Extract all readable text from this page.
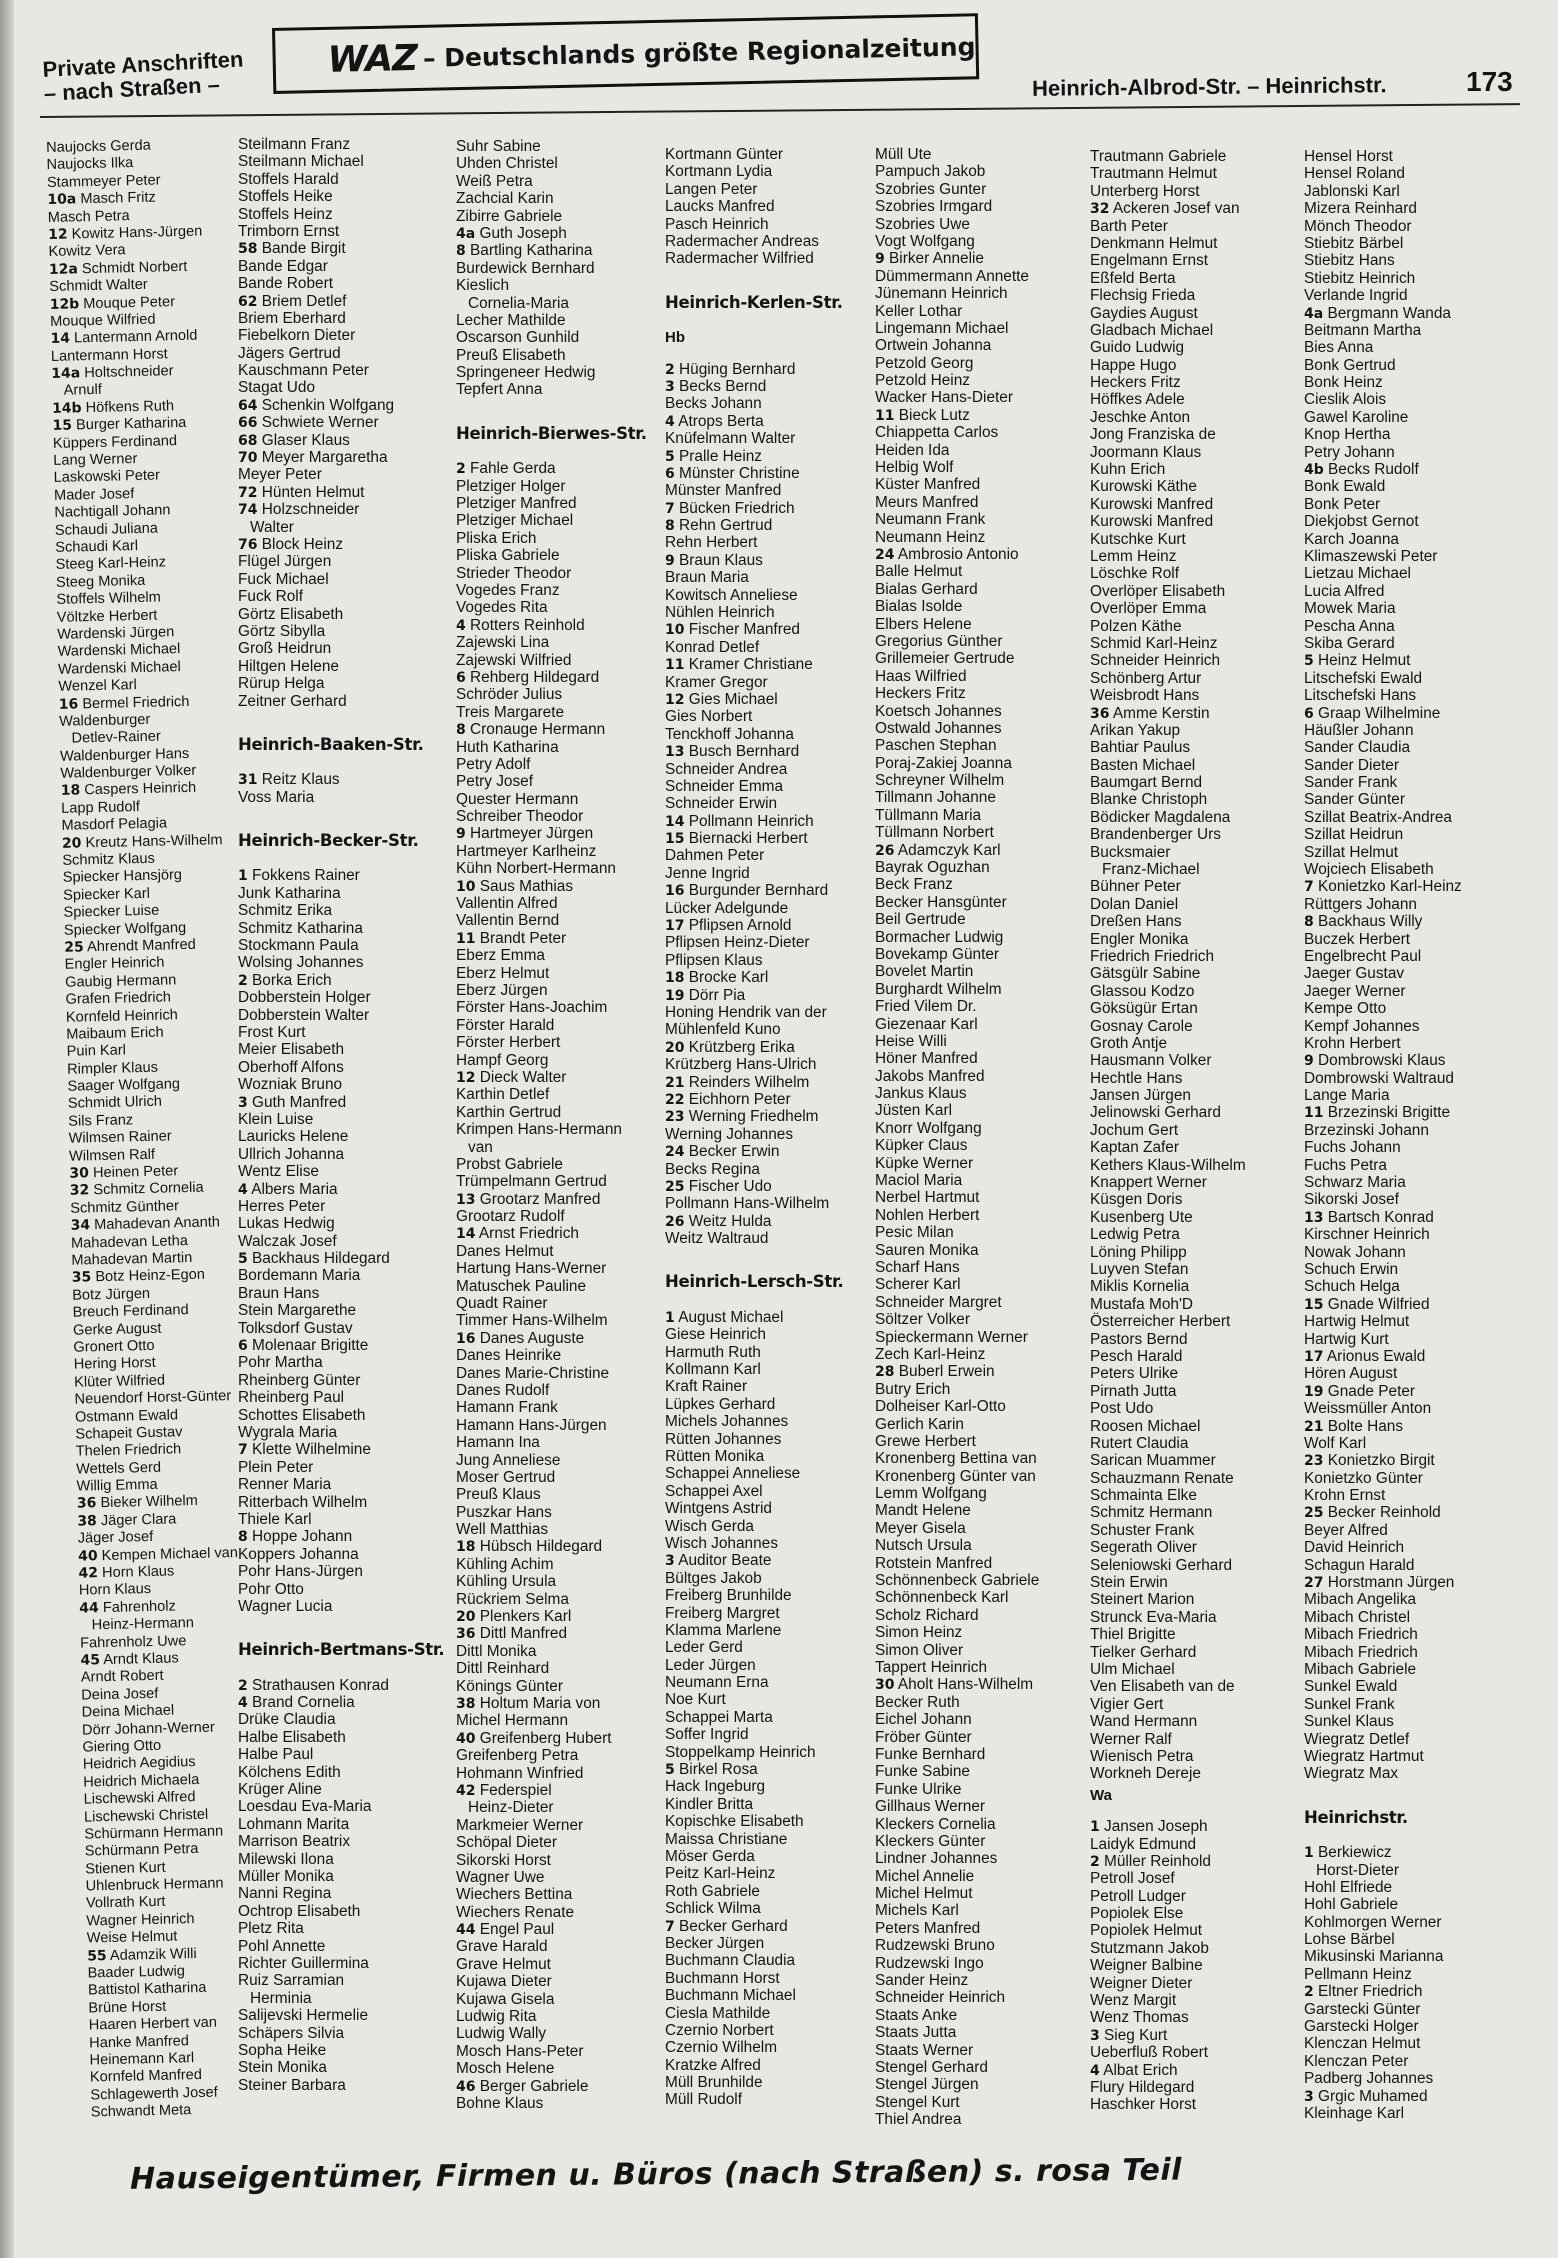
Private Anschriften
– nach Straßen –
WAZ – Deutschlands größte Regionalzeitung
Heinrich-Albrod-Str. – Heinrichstr.	173
Naujocks Gerda
Naujocks Ilka
Stammeyer Peter
10a Masch Fritz
Masch Petra
12 Kowitz Hans-Jürgen
Kowitz Vera
12a Schmidt Norbert
Schmidt Walter
12b Mouque Peter
Mouque Wilfried
14 Lantermann Arnold
Lantermann Horst
14a Holtschneider
Arnulf
14b Höfkens Ruth
15 Burger Katharina
Küppers Ferdinand
Lang Werner
Laskowski Peter
Mader Josef
Nachtigall Johann
Schaudi Juliana
Schaudi Karl
Steeg Karl-Heinz
Steeg Monika
Stoffels Wilhelm
Völtzke Herbert
Wardenski Jürgen
Wardenski Michael
Wardenski Michael
Wenzel Karl
16 Bermel Friedrich
Waldenburger
Detlev-Rainer
Waldenburger Hans
Waldenburger Volker
18 Caspers Heinrich
Lapp Rudolf
Masdorf Pelagia
20 Kreutz Hans-Wilhelm
Schmitz Klaus
Spiecker Hansjörg
Spiecker Karl
Spiecker Luise
Spiecker Wolfgang
25 Ahrendt Manfred
Engler Heinrich
Gaubig Hermann
Grafen Friedrich
Kornfeld Heinrich
Maibaum Erich
Puin Karl
Rimpler Klaus
Saager Wolfgang
Schmidt Ulrich
Sils Franz
Wilmsen Rainer
Wilmsen Ralf
30 Heinen Peter
32 Schmitz Cornelia
Schmitz Günther
34 Mahadevan Ananth
Mahadevan Letha
Mahadevan Martin
35 Botz Heinz-Egon
Botz Jürgen
Breuch Ferdinand
Gerke August
Gronert Otto
Hering Horst
Klüter Wilfried
Neuendorf Horst-Günter
Ostmann Ewald
Schapeit Gustav
Thelen Friedrich
Wettels Gerd
Willig Emma
36 Bieker Wilhelm
38 Jäger Clara
Jäger Josef
40 Kempen Michael van
42 Horn Klaus
Horn Klaus
44 Fahrenholz
Heinz-Hermann
Fahrenholz Uwe
45 Arndt Klaus
Arndt Robert
Deina Josef
Deina Michael
Dörr Johann-Werner
Giering Otto
Heidrich Aegidius
Heidrich Michaela
Lischewski Alfred
Lischewski Christel
Schürmann Hermann
Schürmann Petra
Stienen Kurt
Uhlenbruck Hermann
Vollrath Kurt
Wagner Heinrich
Weise Helmut
55 Adamzik Willi
Baader Ludwig
Battistol Katharina
Brüne Horst
Haaren Herbert van
Hanke Manfred
Heinemann Karl
Kornfeld Manfred
Schlagewerth Josef
Schwandt Meta
Steilmann Franz
Steilmann Michael
Stoffels Harald
Stoffels Heike
Stoffels Heinz
Trimborn Ernst
58 Bande Birgit
Bande Edgar
Bande Robert
62 Briem Detlef
Briem Eberhard
Fiebelkorn Dieter
Jägers Gertrud
Kauschmann Peter
Stagat Udo
64 Schenkin Wolfgang
66 Schwiete Werner
68 Glaser Klaus
70 Meyer Margaretha
Meyer Peter
72 Hünten Helmut
74 Holzschneider
Walter
76 Block Heinz
Flügel Jürgen
Fuck Michael
Fuck Rolf
Görtz Elisabeth
Görtz Sibylla
Groß Heidrun
Hiltgen Helene
Rürup Helga
Zeitner Gerhard
Heinrich-Baaken-Str.
31 Reitz Klaus
Voss Maria
Heinrich-Becker-Str.
1 Fokkens Rainer
Junk Katharina
Schmitz Erika
Schmitz Katharina
Stockmann Paula
Wolsing Johannes
2 Borka Erich
Dobberstein Holger
Dobberstein Walter
Frost Kurt
Meier Elisabeth
Oberhoff Alfons
Wozniak Bruno
3 Guth Manfred
Klein Luise
Lauricks Helene
Ullrich Johanna
Wentz Elise
4 Albers Maria
Herres Peter
Lukas Hedwig
Walczak Josef
5 Backhaus Hildegard
Bordemann Maria
Braun Hans
Stein Margarethe
Tolksdorf Gustav
6 Molenaar Brigitte
Pohr Martha
Rheinberg Günter
Rheinberg Paul
Schottes Elisabeth
Wygrala Maria
7 Klette Wilhelmine
Plein Peter
Renner Maria
Ritterbach Wilhelm
Thiele Karl
8 Hoppe Johann
Koppers Johanna
Pohr Hans-Jürgen
Pohr Otto
Wagner Lucia
Heinrich-Bertmans-Str.
2 Strathausen Konrad
4 Brand Cornelia
Drüke Claudia
Halbe Elisabeth
Halbe Paul
Kölchens Edith
Krüger Aline
Loesdau Eva-Maria
Lohmann Marita
Marrison Beatrix
Milewski Ilona
Müller Monika
Nanni Regina
Ochtrop Elisabeth
Pletz Rita
Pohl Annette
Richter Guillermina
Ruiz Sarramian
Herminia
Salijevski Hermelie
Schäpers Silvia
Sopha Heike
Stein Monika
Steiner Barbara
Suhr Sabine
Uhden Christel
Weiß Petra
Zachcial Karin
Zibirre Gabriele
4a Guth Joseph
8 Bartling Katharina
Burdewick Bernhard
Kieslich
Cornelia-Maria
Lecher Mathilde
Oscarson Gunhild
Preuß Elisabeth
Springeneer Hedwig
Tepfert Anna
Heinrich-Bierwes-Str.
2 Fahle Gerda
Pletziger Holger
Pletziger Manfred
Pletziger Michael
Pliska Erich
Pliska Gabriele
Strieder Theodor
Vogedes Franz
Vogedes Rita
4 Rotters Reinhold
Zajewski Lina
Zajewski Wilfried
6 Rehberg Hildegard
Schröder Julius
Treis Margarete
8 Cronauge Hermann
Huth Katharina
Petry Adolf
Petry Josef
Quester Hermann
Schreiber Theodor
9 Hartmeyer Jürgen
Hartmeyer Karlheinz
Kühn Norbert-Hermann
10 Saus Mathias
Vallentin Alfred
Vallentin Bernd
11 Brandt Peter
Eberz Emma
Eberz Helmut
Eberz Jürgen
Förster Hans-Joachim
Förster Harald
Förster Herbert
Hampf Georg
12 Dieck Walter
Karthin Detlef
Karthin Gertrud
Krimpen Hans-Hermann
van
Probst Gabriele
Trümpelmann Gertrud
13 Grootarz Manfred
Grootarz Rudolf
14 Arnst Friedrich
Danes Helmut
Hartung Hans-Werner
Matuschek Pauline
Quadt Rainer
Timmer Hans-Wilhelm
16 Danes Auguste
Danes Heinrike
Danes Marie-Christine
Danes Rudolf
Hamann Frank
Hamann Hans-Jürgen
Hamann Ina
Jung Anneliese
Moser Gertrud
Preuß Klaus
Puszkar Hans
Well Matthias
18 Hübsch Hildegard
Kühling Achim
Kühling Ursula
Rückriem Selma
20 Plenkers Karl
36 Dittl Manfred
Dittl Monika
Dittl Reinhard
Könings Günter
38 Holtum Maria von
Michel Hermann
40 Greifenberg Hubert
Greifenberg Petra
Hohmann Winfried
42 Federspiel
Heinz-Dieter
Markmeier Werner
Schöpal Dieter
Sikorski Horst
Wagner Uwe
Wiechers Bettina
Wiechers Renate
44 Engel Paul
Grave Harald
Grave Helmut
Kujawa Dieter
Kujawa Gisela
Ludwig Rita
Ludwig Wally
Mosch Hans-Peter
Mosch Helene
46 Berger Gabriele
Bohne Klaus
Kortmann Günter
Kortmann Lydia
Langen Peter
Laucks Manfred
Pasch Heinrich
Radermacher Andreas
Radermacher Wilfried
Heinrich-Kerlen-Str.
Hb
2 Hüging Bernhard
3 Becks Bernd
Becks Johann
4 Atrops Berta
Knüfelmann Walter
5 Pralle Heinz
6 Münster Christine
Münster Manfred
7 Bücken Friedrich
8 Rehn Gertrud
Rehn Herbert
9 Braun Klaus
Braun Maria
Kowitsch Anneliese
Nühlen Heinrich
10 Fischer Manfred
Konrad Detlef
11 Kramer Christiane
Kramer Gregor
12 Gies Michael
Gies Norbert
Tenckhoff Johanna
13 Busch Bernhard
Schneider Andrea
Schneider Emma
Schneider Erwin
14 Pollmann Heinrich
15 Biernacki Herbert
Dahmen Peter
Jenne Ingrid
16 Burgunder Bernhard
Lücker Adelgunde
17 Pflipsen Arnold
Pflipsen Heinz-Dieter
Pflipsen Klaus
18 Brocke Karl
19 Dörr Pia
Honing Hendrik van der
Mühlenfeld Kuno
20 Krützberg Erika
Krützberg Hans-Ulrich
21 Reinders Wilhelm
22 Eichhorn Peter
23 Werning Friedhelm
Werning Johannes
24 Becker Erwin
Becks Regina
25 Fischer Udo
Pollmann Hans-Wilhelm
26 Weitz Hulda
Weitz Waltraud
Heinrich-Lersch-Str.
1 August Michael
Giese Heinrich
Harmuth Ruth
Kollmann Karl
Kraft Rainer
Lüpkes Gerhard
Michels Johannes
Rütten Johannes
Rütten Monika
Schappei Anneliese
Schappei Axel
Wintgens Astrid
Wisch Gerda
Wisch Johannes
3 Auditor Beate
Bültges Jakob
Freiberg Brunhilde
Freiberg Margret
Klamma Marlene
Leder Gerd
Leder Jürgen
Neumann Erna
Noe Kurt
Schappei Marta
Soffer Ingrid
Stoppelkamp Heinrich
5 Birkel Rosa
Hack Ingeburg
Kindler Britta
Kopischke Elisabeth
Maissa Christiane
Möser Gerda
Peitz Karl-Heinz
Roth Gabriele
Schlick Wilma
7 Becker Gerhard
Becker Jürgen
Buchmann Claudia
Buchmann Horst
Buchmann Michael
Ciesla Mathilde
Czernio Norbert
Czernio Wilhelm
Kratzke Alfred
Müll Brunhilde
Müll Rudolf
Müll Ute
Pampuch Jakob
Szobries Gunter
Szobries Irmgard
Szobries Uwe
Vogt Wolfgang
9 Birker Annelie
Dümmermann Annette
Jünemann Heinrich
Keller Lothar
Lingemann Michael
Ortwein Johanna
Petzold Georg
Petzold Heinz
Wacker Hans-Dieter
11 Bieck Lutz
Chiappetta Carlos
Heiden Ida
Helbig Wolf
Küster Manfred
Meurs Manfred
Neumann Frank
Neumann Heinz
24 Ambrosio Antonio
Balle Helmut
Bialas Gerhard
Bialas Isolde
Elbers Helene
Gregorius Günther
Grillemeier Gertrude
Haas Wilfried
Heckers Fritz
Koetsch Johannes
Ostwald Johannes
Paschen Stephan
Poraj-Zakiej Joanna
Schreyner Wilhelm
Tillmann Johanne
Tüllmann Maria
Tüllmann Norbert
26 Adamczyk Karl
Bayrak Oguzhan
Beck Franz
Becker Hansgünter
Beil Gertrude
Bormacher Ludwig
Bovekamp Günter
Bovelet Martin
Burghardt Wilhelm
Fried Vilem Dr.
Giezenaar Karl
Heise Willi
Höner Manfred
Jakobs Manfred
Jankus Klaus
Jüsten Karl
Knorr Wolfgang
Küpker Claus
Küpke Werner
Maciol Maria
Nerbel Hartmut
Nohlen Herbert
Pesic Milan
Sauren Monika
Scharf Hans
Scherer Karl
Schneider Margret
Söltzer Volker
Spieckermann Werner
Zech Karl-Heinz
28 Buberl Erwein
Butry Erich
Dolheiser Karl-Otto
Gerlich Karin
Grewe Herbert
Kronenberg Bettina van
Kronenberg Günter van
Lemm Wolfgang
Mandt Helene
Meyer Gisela
Nutsch Ursula
Rotstein Manfred
Schönnenbeck Gabriele
Schönnenbeck Karl
Scholz Richard
Simon Heinz
Simon Oliver
Tappert Heinrich
30 Aholt Hans-Wilhelm
Becker Ruth
Eichel Johann
Fröber Günter
Funke Bernhard
Funke Sabine
Funke Ulrike
Gillhaus Werner
Kleckers Cornelia
Kleckers Günter
Lindner Johannes
Michel Annelie
Michel Helmut
Michels Karl
Peters Manfred
Rudzewski Bruno
Rudzewski Ingo
Sander Heinz
Schneider Heinrich
Staats Anke
Staats Jutta
Staats Werner
Stengel Gerhard
Stengel Jürgen
Stengel Kurt
Thiel Andrea
Trautmann Gabriele
Trautmann Helmut
Unterberg Horst
32 Ackeren Josef van
Barth Peter
Denkmann Helmut
Engelmann Ernst
Eßfeld Berta
Flechsig Frieda
Gaydies August
Gladbach Michael
Guido Ludwig
Happe Hugo
Heckers Fritz
Höffkes Adele
Jeschke Anton
Jong Franziska de
Joormann Klaus
Kuhn Erich
Kurowski Käthe
Kurowski Manfred
Kurowski Manfred
Kutschke Kurt
Lemm Heinz
Löschke Rolf
Overlöper Elisabeth
Overlöper Emma
Polzen Käthe
Schmid Karl-Heinz
Schneider Heinrich
Schönberg Artur
Weisbrodt Hans
36 Amme Kerstin
Arikan Yakup
Bahtiar Paulus
Basten Michael
Baumgart Bernd
Blanke Christoph
Bödicker Magdalena
Brandenberger Urs
Bucksmaier
Franz-Michael
Bühner Peter
Dolan Daniel
Dreßen Hans
Engler Monika
Friedrich Friedrich
Gätsgülr Sabine
Glassou Kodzo
Göksügür Ertan
Gosnay Carole
Groth Antje
Hausmann Volker
Hechtle Hans
Jansen Jürgen
Jelinowski Gerhard
Jochum Gert
Kaptan Zafer
Kethers Klaus-Wilhelm
Knappert Werner
Küsgen Doris
Kusenberg Ute
Ledwig Petra
Löning Philipp
Luyven Stefan
Miklis Kornelia
Mustafa Moh'D
Österreicher Herbert
Pastors Bernd
Pesch Harald
Peters Ulrike
Pirnath Jutta
Post Udo
Roosen Michael
Rutert Claudia
Sarican Muammer
Schauzmann Renate
Schmainta Elke
Schmitz Hermann
Schuster Frank
Segerath Oliver
Seleniowski Gerhard
Stein Erwin
Steinert Marion
Strunck Eva-Maria
Thiel Brigitte
Tielker Gerhard
Ulm Michael
Ven Elisabeth van de
Vigier Gert
Wand Hermann
Werner Ralf
Wienisch Petra
Workneh Dereje
Wa
1 Jansen Joseph
Laidyk Edmund
2 Müller Reinhold
Petroll Josef
Petroll Ludger
Popiolek Else
Popiolek Helmut
Stutzmann Jakob
Weigner Balbine
Weigner Dieter
Wenz Margit
Wenz Thomas
3 Sieg Kurt
Ueberfluß Robert
4 Albat Erich
Flury Hildegard
Haschker Horst
Hensel Horst
Hensel Roland
Jablonski Karl
Mizera Reinhard
Mönch Theodor
Stiebitz Bärbel
Stiebitz Hans
Stiebitz Heinrich
Verlande Ingrid
4a Bergmann Wanda
Beitmann Martha
Bies Anna
Bonk Gertrud
Bonk Heinz
Cieslik Alois
Gawel Karoline
Knop Hertha
Petry Johann
4b Becks Rudolf
Bonk Ewald
Bonk Peter
Diekjobst Gernot
Karch Joanna
Klimaszewski Peter
Lietzau Michael
Lucia Alfred
Mowek Maria
Pescha Anna
Skiba Gerard
5 Heinz Helmut
Litschefski Ewald
Litschefski Hans
6 Graap Wilhelmine
Häußler Johann
Sander Claudia
Sander Dieter
Sander Frank
Sander Günter
Szillat Beatrix-Andrea
Szillat Heidrun
Szillat Helmut
Wojciech Elisabeth
7 Konietzko Karl-Heinz
Rüttgers Johann
8 Backhaus Willy
Buczek Herbert
Engelbrecht Paul
Jaeger Gustav
Jaeger Werner
Kempe Otto
Kempf Johannes
Krohn Herbert
9 Dombrowski Klaus
Dombrowski Waltraud
Lange Maria
11 Brzezinski Brigitte
Brzezinski Johann
Fuchs Johann
Fuchs Petra
Schwarz Maria
Sikorski Josef
13 Bartsch Konrad
Kirschner Heinrich
Nowak Johann
Schuch Erwin
Schuch Helga
15 Gnade Wilfried
Hartwig Helmut
Hartwig Kurt
17 Arionus Ewald
Hören August
19 Gnade Peter
Weissmüller Anton
21 Bolte Hans
Wolf Karl
23 Konietzko Birgit
Konietzko Günter
Krohn Ernst
25 Becker Reinhold
Beyer Alfred
David Heinrich
Schagun Harald
27 Horstmann Jürgen
Mibach Angelika
Mibach Christel
Mibach Friedrich
Mibach Friedrich
Mibach Gabriele
Sunkel Ewald
Sunkel Frank
Sunkel Klaus
Wiegratz Detlef
Wiegratz Hartmut
Wiegratz Max
Heinrichstr.
1 Berkiewicz
Horst-Dieter
Hohl Elfriede
Hohl Gabriele
Kohlmorgen Werner
Lohse Bärbel
Mikusinski Marianna
Pellmann Heinz
2 Eltner Friedrich
Garstecki Günter
Garstecki Holger
Klenczan Helmut
Klenczan Peter
Padberg Johannes
3 Grgic Muhamed
Kleinhage Karl
Hauseigentümer, Firmen u. Büros (nach Straßen) s. rosa Teil
